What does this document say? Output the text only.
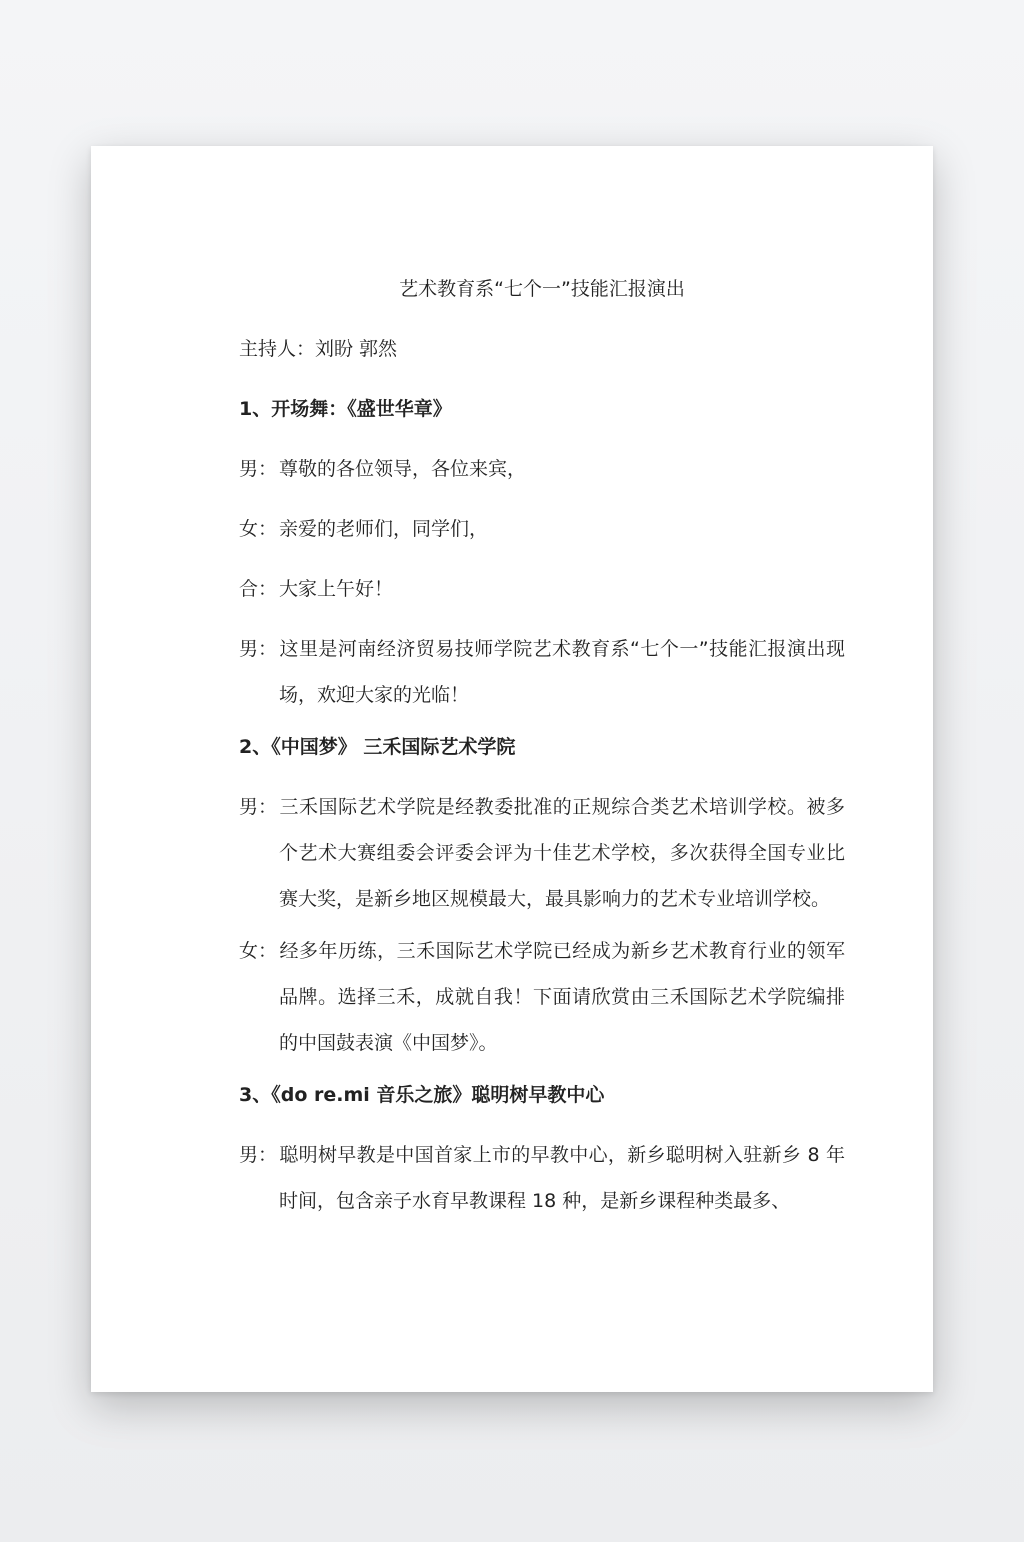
艺术教育系“七个一”技能汇报演出
主持人：刘盼 郭然
1、开场舞：《盛世华章》
男： 尊敬的各位领导，各位来宾，
女： 亲爱的老师们，同学们，
合： 大家上午好！
男： 这里是河南经济贸易技师学院艺术教育系“七个一”技能汇报演出现场，欢迎大家的光临！
2、《中国梦》 三禾国际艺术学院
男： 三禾国际艺术学院是经教委批准的正规综合类艺术培训学校。被多个艺术大赛组委会评委会评为十佳艺术学校，多次获得全国专业比赛大奖，是新乡地区规模最大，最具影响力的艺术专业培训学校。
女： 经多年历练，三禾国际艺术学院已经成为新乡艺术教育行业的领军品牌。选择三禾，成就自我！下面请欣赏由三禾国际艺术学院编排的中国鼓表演《中国梦》。
3、《do re.mi 音乐之旅》聪明树早教中心
男： 聪明树早教是中国首家上市的早教中心，新乡聪明树入驻新乡 8 年时间，包含亲子水育早教课程 18 种，是新乡课程种类最多、
